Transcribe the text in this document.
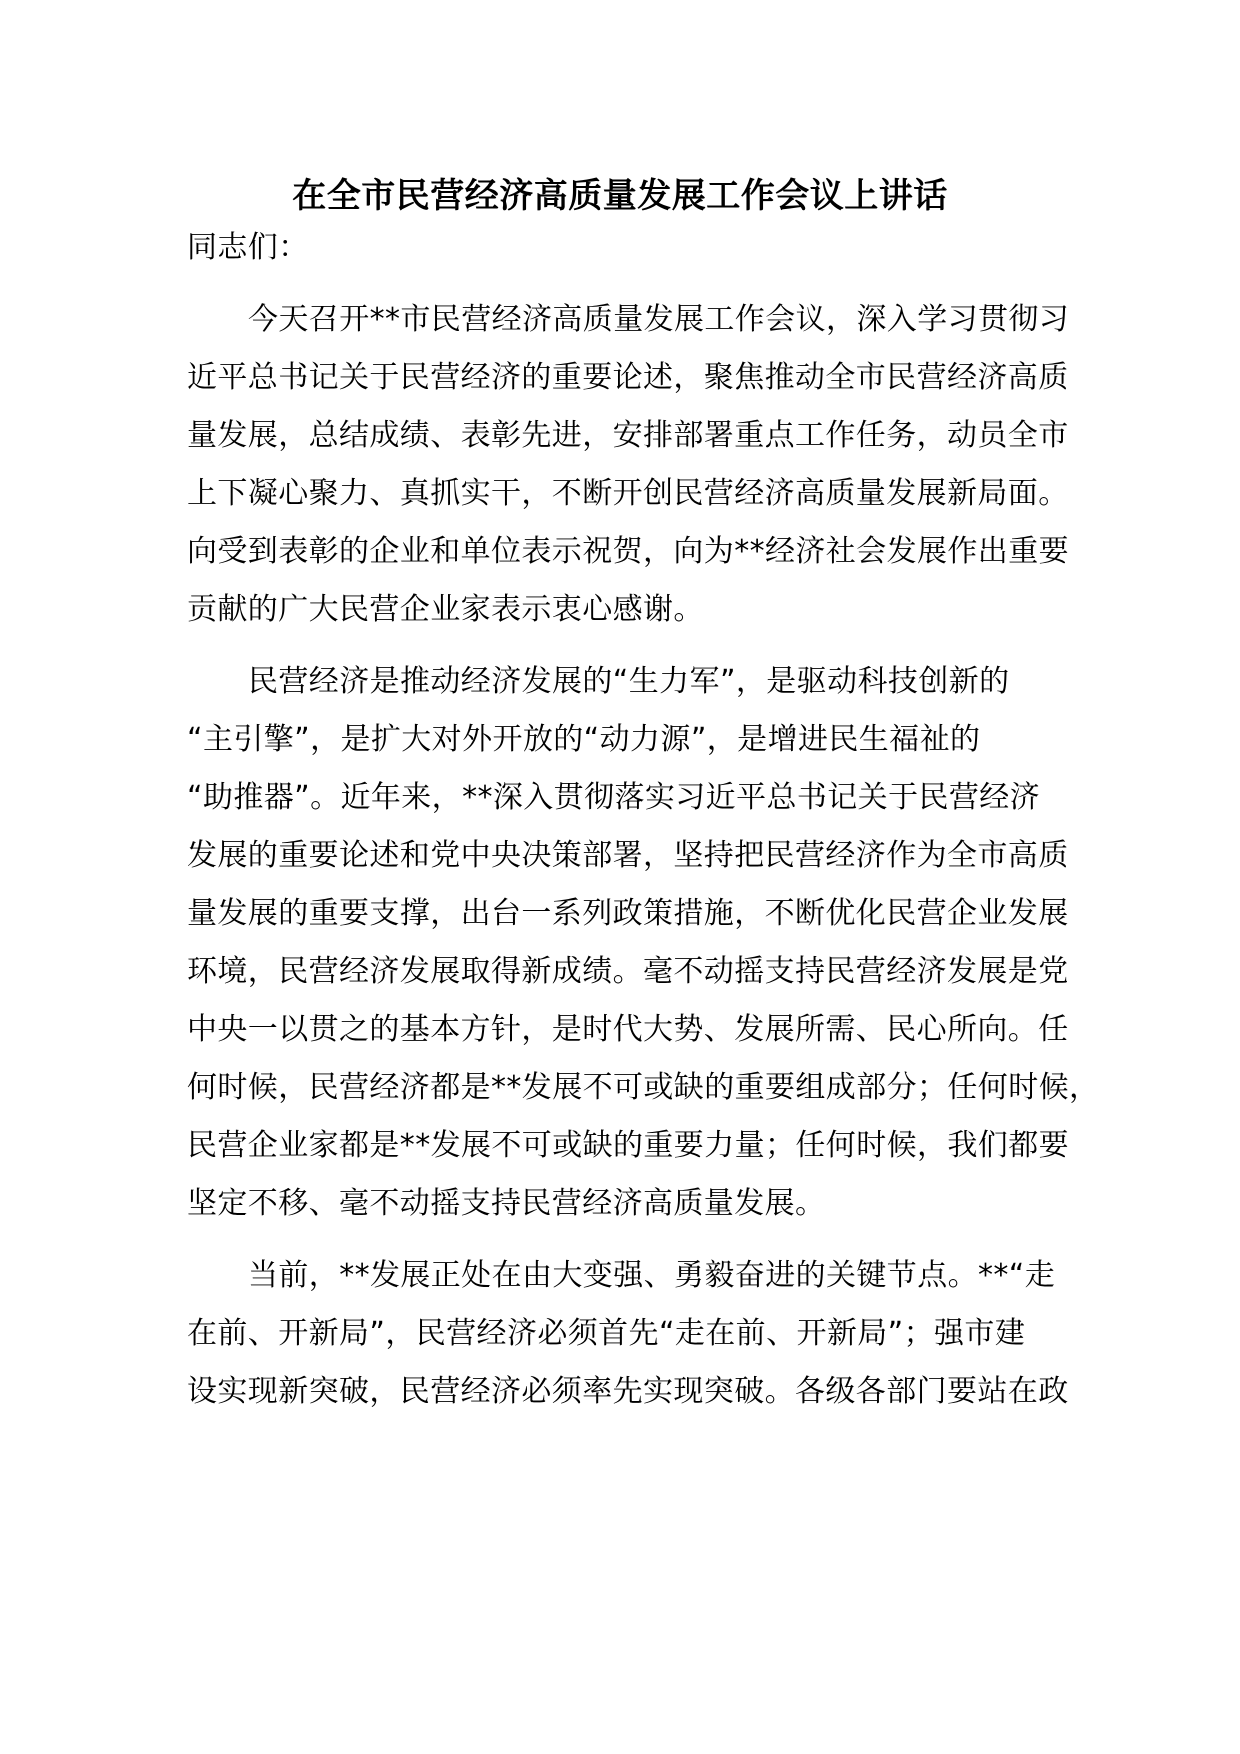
在全市民营经济高质量发展工作会议上讲话
同志们：
今天召开**市民营经济高质量发展工作会议，深入学习贯彻习
近平总书记关于民营经济的重要论述，聚焦推动全市民营经济高质
量发展，总结成绩、表彰先进，安排部署重点工作任务，动员全市
上下凝心聚力、真抓实干，不断开创民营经济高质量发展新局面。
向受到表彰的企业和单位表示祝贺，向为**经济社会发展作出重要
贡献的广大民营企业家表示衷心感谢。
民营经济是推动经济发展的“生力军”，是驱动科技创新的
“主引擎”，是扩大对外开放的“动力源”，是增进民生福祉的
“助推器”。近年来，**深入贯彻落实习近平总书记关于民营经济
发展的重要论述和党中央决策部署，坚持把民营经济作为全市高质
量发展的重要支撑，出台一系列政策措施，不断优化民营企业发展
环境，民营经济发展取得新成绩。毫不动摇支持民营经济发展是党
中央一以贯之的基本方针，是时代大势、发展所需、民心所向。任
何时候，民营经济都是**发展不可或缺的重要组成部分；任何时候，
民营企业家都是**发展不可或缺的重要力量；任何时候，我们都要
坚定不移、毫不动摇支持民营经济高质量发展。
当前，**发展正处在由大变强、勇毅奋进的关键节点。**“走
在前、开新局”，民营经济必须首先“走在前、开新局”；强市建
设实现新突破，民营经济必须率先实现突破。各级各部门要站在政
